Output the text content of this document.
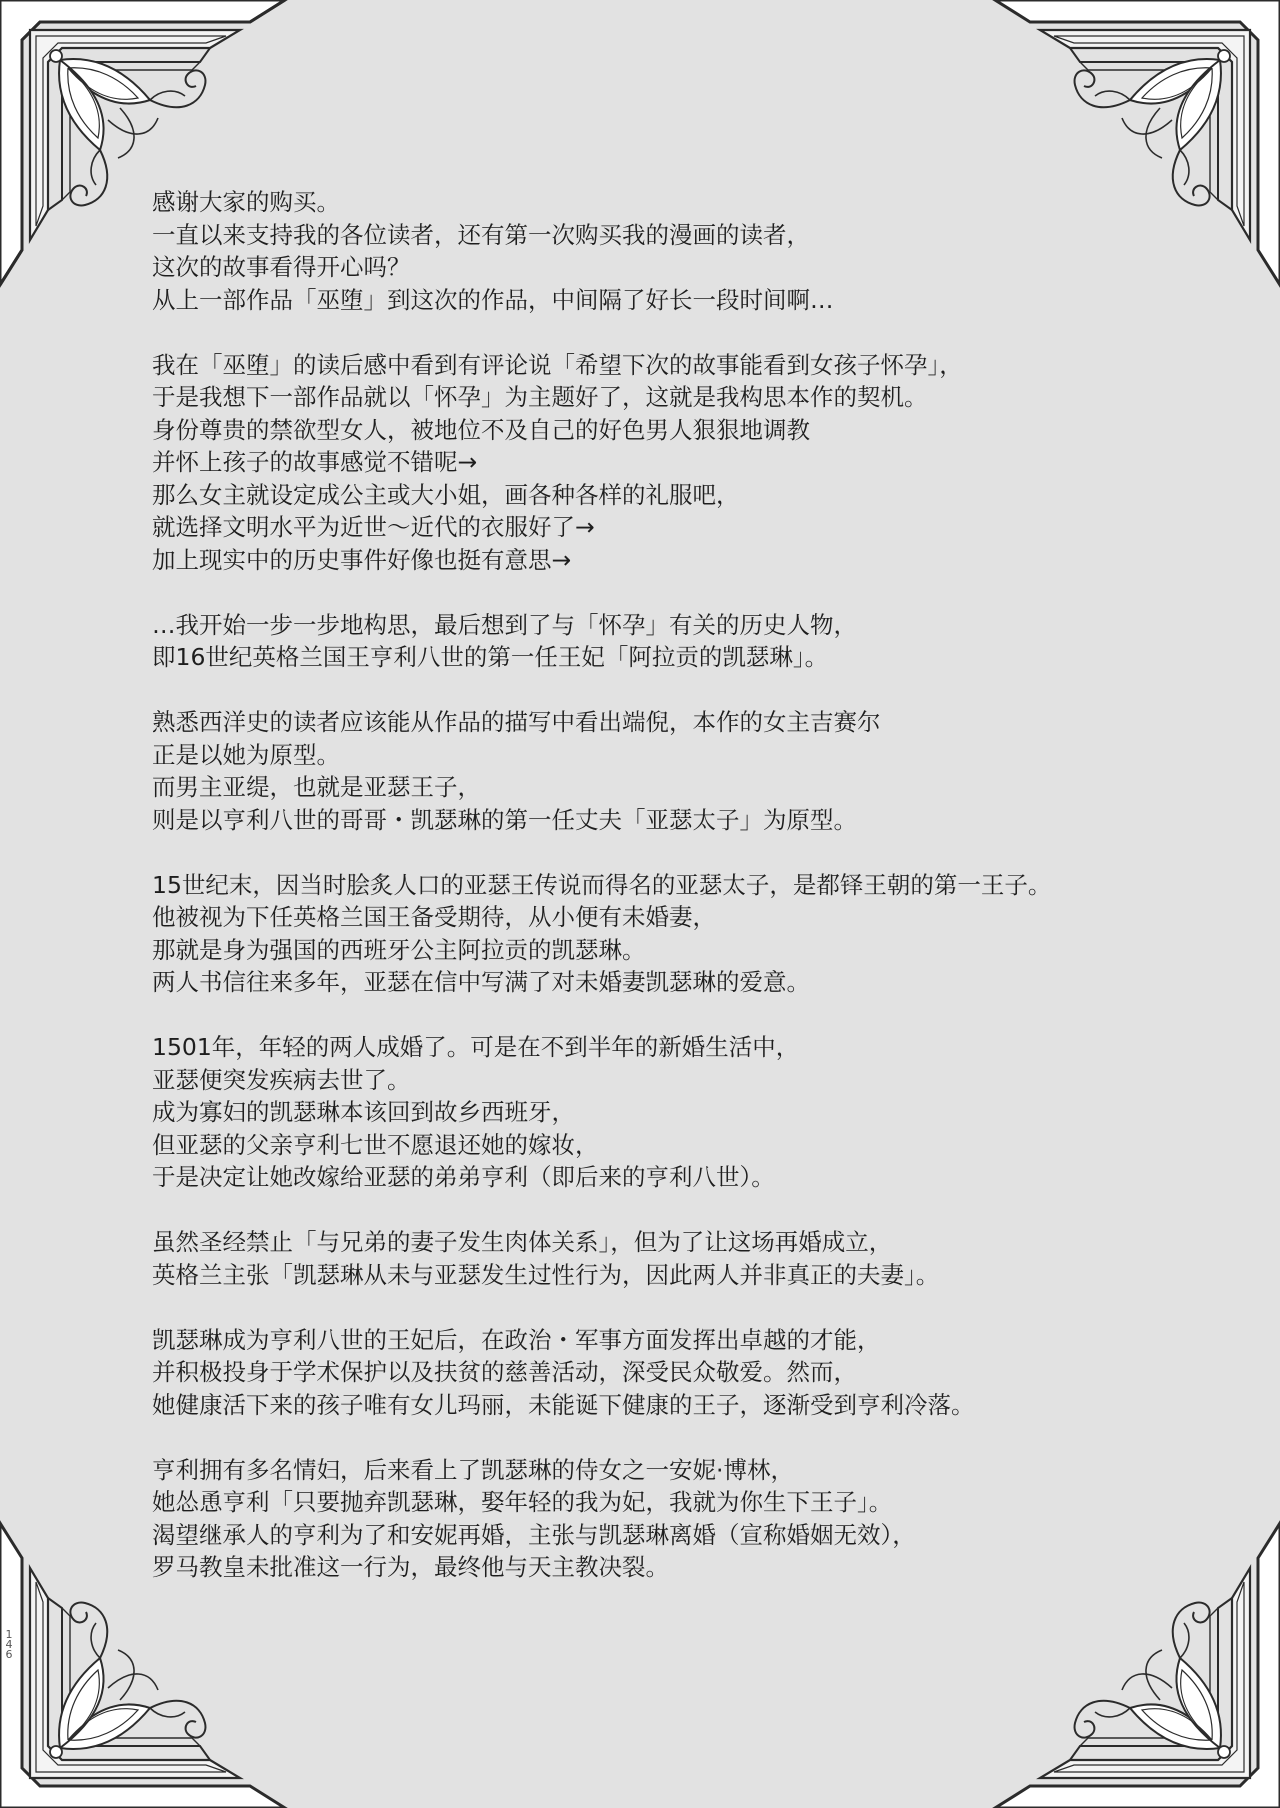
感谢大家的购买。
一直以来支持我的各位读者，还有第一次购买我的漫画的读者，
这次的故事看得开心吗？
从上一部作品「巫堕」到这次的作品，中间隔了好长一段时间啊…
我在「巫堕」的读后感中看到有评论说「希望下次的故事能看到女孩子怀孕」，
于是我想下一部作品就以「怀孕」为主题好了，这就是我构思本作的契机。
身份尊贵的禁欲型女人，被地位不及自己的好色男人狠狠地调教
并怀上孩子的故事感觉不错呢→
那么女主就设定成公主或大小姐，画各种各样的礼服吧，
就选择文明水平为近世～近代的衣服好了→
加上现实中的历史事件好像也挺有意思→
…我开始一步一步地构思，最后想到了与「怀孕」有关的历史人物，
即16世纪英格兰国王亨利八世的第一任王妃「阿拉贡的凯瑟琳」。
熟悉西洋史的读者应该能从作品的描写中看出端倪，本作的女主吉赛尔
正是以她为原型。
而男主亚缇，也就是亚瑟王子，
则是以亨利八世的哥哥・凯瑟琳的第一任丈夫「亚瑟太子」为原型。
15世纪末，因当时脍炙人口的亚瑟王传说而得名的亚瑟太子，是都铎王朝的第一王子。
他被视为下任英格兰国王备受期待，从小便有未婚妻，
那就是身为强国的西班牙公主阿拉贡的凯瑟琳。
两人书信往来多年，亚瑟在信中写满了对未婚妻凯瑟琳的爱意。
1501年，年轻的两人成婚了。可是在不到半年的新婚生活中，
亚瑟便突发疾病去世了。
成为寡妇的凯瑟琳本该回到故乡西班牙，
但亚瑟的父亲亨利七世不愿退还她的嫁妆，
于是决定让她改嫁给亚瑟的弟弟亨利（即后来的亨利八世）。
虽然圣经禁止「与兄弟的妻子发生肉体关系」，但为了让这场再婚成立，
英格兰主张「凯瑟琳从未与亚瑟发生过性行为，因此两人并非真正的夫妻」。
凯瑟琳成为亨利八世的王妃后，在政治・军事方面发挥出卓越的才能，
并积极投身于学术保护以及扶贫的慈善活动，深受民众敬爱。然而，
她健康活下来的孩子唯有女儿玛丽，未能诞下健康的王子，逐渐受到亨利冷落。
亨利拥有多名情妇，后来看上了凯瑟琳的侍女之一安妮·博林，
她怂恿亨利「只要抛弃凯瑟琳，娶年轻的我为妃，我就为你生下王子」。
渴望继承人的亨利为了和安妮再婚，主张与凯瑟琳离婚（宣称婚姻无效），
罗马教皇未批准这一行为，最终他与天主教决裂。
146
